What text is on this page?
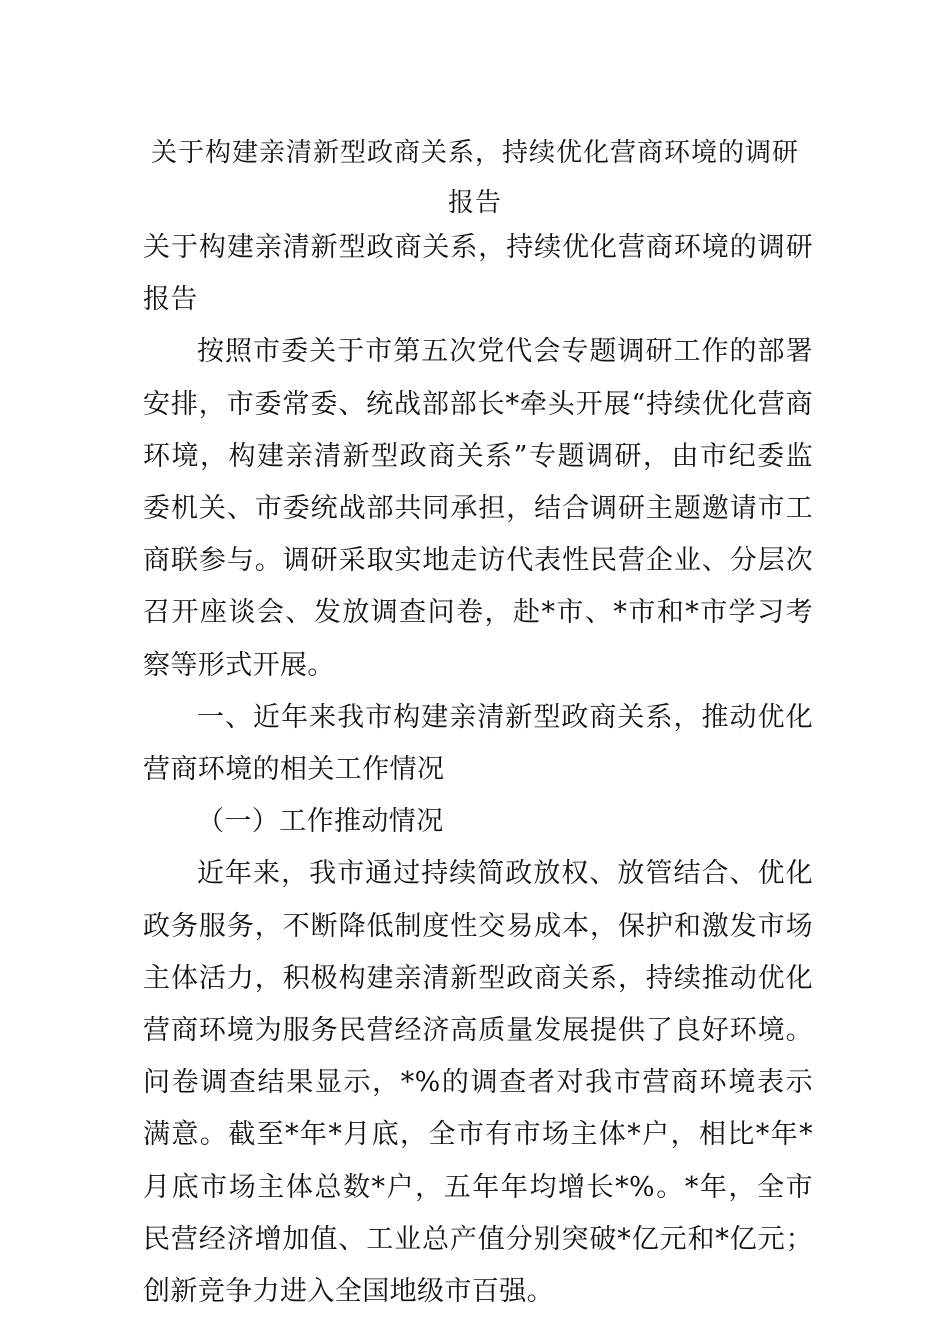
关于构建亲清新型政商关系，持续优化营商环境的调研报告

关于构建亲清新型政商关系，持续优化营商环境的调研报告

按照市委关于市第五次党代会专题调研工作的部署安排，市委常委、统战部部长*牵头开展“持续优化营商环境，构建亲清新型政商关系”专题调研，由市纪委监委机关、市委统战部共同承担，结合调研主题邀请市工商联参与。调研采取实地走访代表性民营企业、分层次召开座谈会、发放调查问卷，赴*市、*市和*市学习考察等形式开展。

一、近年来我市构建亲清新型政商关系，推动优化营商环境的相关工作情况

（一）工作推动情况

近年来，我市通过持续简政放权、放管结合、优化政务服务，不断降低制度性交易成本，保护和激发市场主体活力，积极构建亲清新型政商关系，持续推动优化营商环境为服务民营经济高质量发展提供了良好环境。问卷调查结果显示，*%的调查者对我市营商环境表示满意。截至*年*月底，全市有市场主体*户，相比*年*月底市场主体总数*户，五年年均增长*%。*年，全市民营经济增加值、工业总产值分别突破*亿元和*亿元；创新竞争力进入全国地级市百强。
